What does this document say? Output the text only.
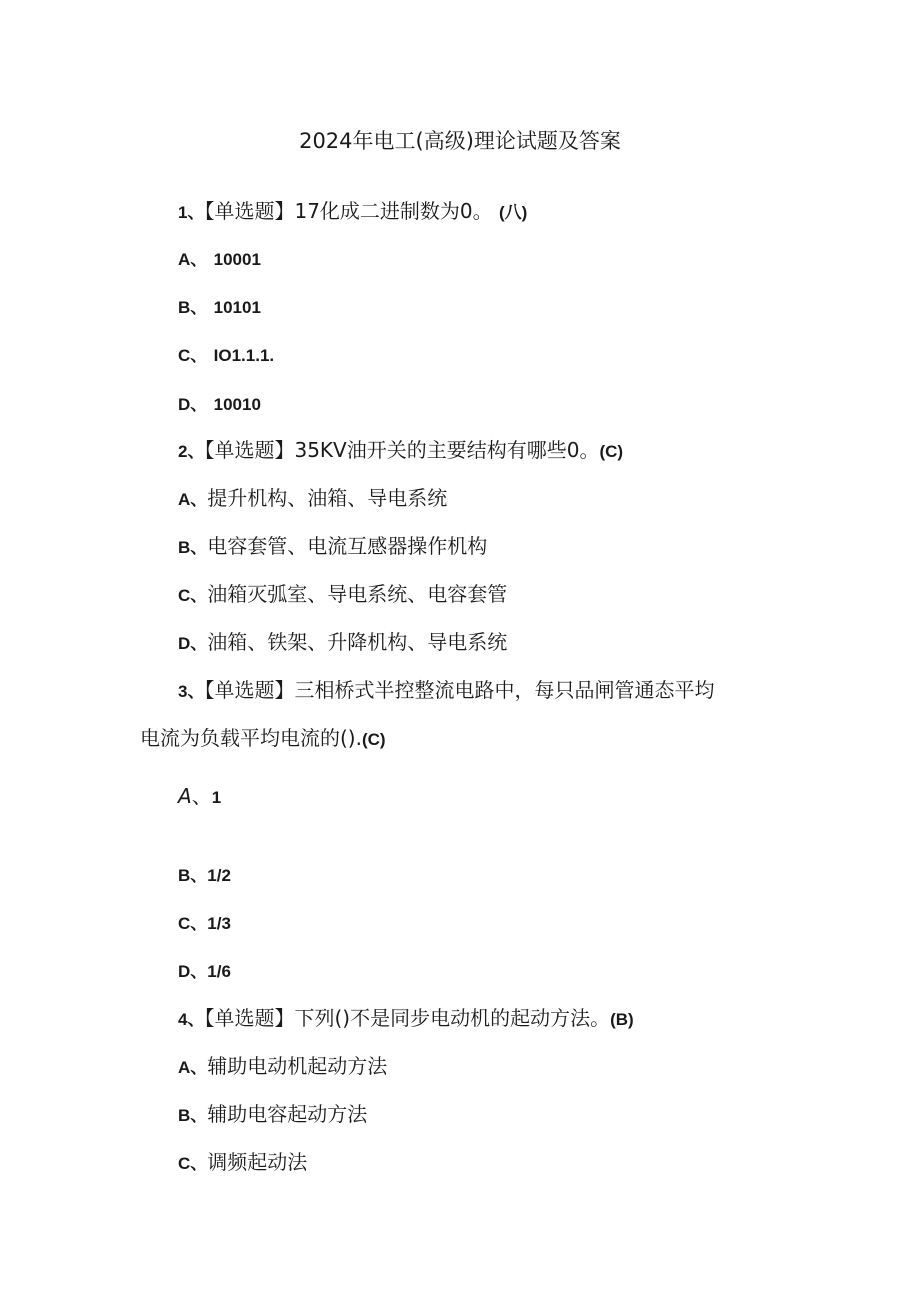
2024年电工(高级)理论试题及答案
1、【单选题】17化成二进制数为0。 (八)
A、 10001
B、 10101
C、 IO1.1.1.
D、 10010
2、【单选题】35KV油开关的主要结构有哪些0。(C)
A、提升机构、油箱、导电系统
B、电容套管、电流互感器操作机构
C、油箱灭弧室、导电系统、电容套管
D、油箱、铁架、升降机构、导电系统
3、【单选题】三相桥式半控整流电路中，每只品闸管通态平均
电流为负载平均电流的().(C)
A、1
B、1/2
C、1/3
D、1/6
4、【单选题】下列()不是同步电动机的起动方法。(B)
A、辅助电动机起动方法
B、辅助电容起动方法
C、调频起动法
